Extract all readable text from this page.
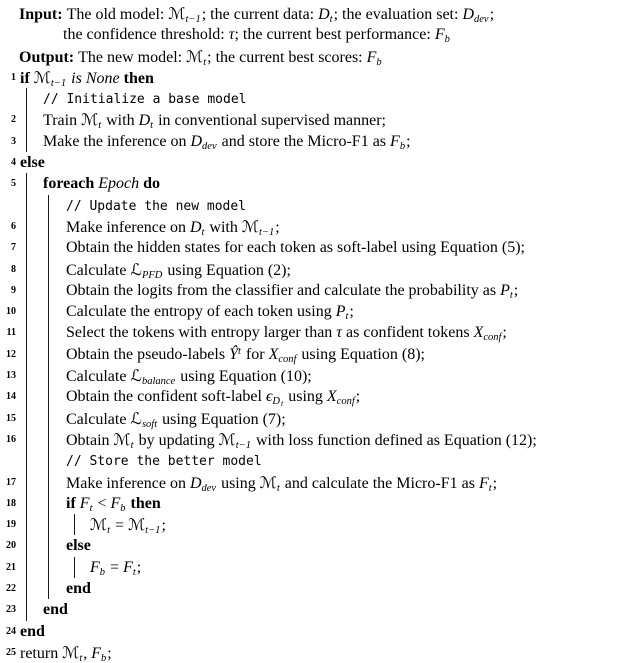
Input: The old model: ℳt−1; the current data: Dt; the evaluation set: Ddev;
the confidence threshold: τ; the current best performance: Fb
Output: The new model: ℳt; the current best scores: Fb
1 if ℳt−1 is None then
// Initialize a base model
2	Train ℳt with Dt in conventional supervised manner;
3	Make the inference on Ddev and store the Micro-F1 as Fb;
4 else
5	foreach Epoch do
// Update the new model
6	Make inference on Dt with ℳt−1;
7	Obtain the hidden states for each token as soft-label using Equation (5);
8	Calculate ℒPFD using Equation (2);
9	Obtain the logits from the classifier and calculate the probability as Pt;
10	Calculate the entropy of each token using Pt;
11	Select the tokens with entropy larger than τ as confident tokens Xconf;
12	Obtain the pseudo-labels $Ŷ^t$ for Xconf using Equation (8);
13	Calculate ℒbalance using Equation (10);
14	Obtain the confident soft-label $\epsilon D_t$ using Xconf;
15	Calculate ℒsoft using Equation (7);
16	Obtain ℳt by updating ℳt−1 with loss function defined as Equation (12);
// Store the better model
17	Make inference on Ddev using ℳt and calculate the Micro-F1 as Ft;
18	if Ft < Fb then
19	ℳt = ℳt−1;
20	else
21	Fb = Ft;
22	end
23	end
24 end
25 return ℳt, Fb;
